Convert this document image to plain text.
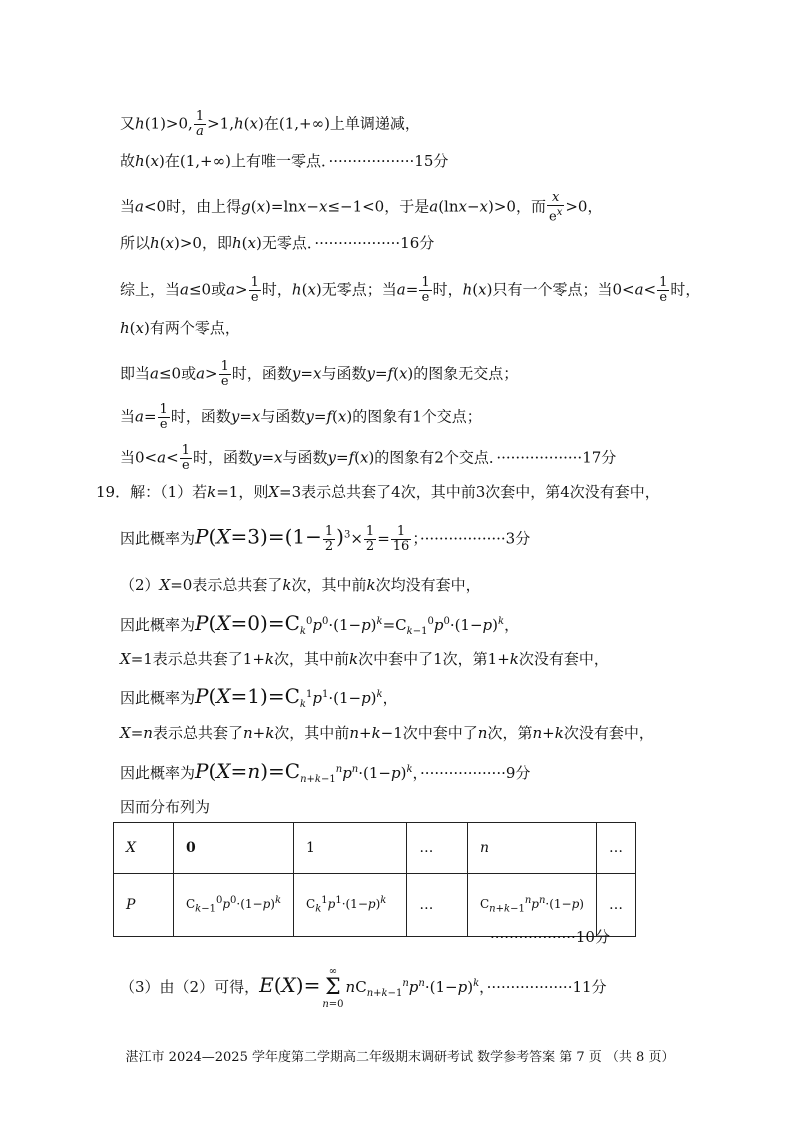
又h(1)>0, $\frac{1}{a} >1,h(x)$在(1,+∞)上单调递减，
故h(x)在(1,+∞)上有唯一零点．··················15分
当a<0时，由上得g(x)=lnx−x≤−1<0，于是a(lnx−x)>0，而 $\frac{x}{e^x} >0$，
所以h(x)>0，即h(x)无零点．··················16分
综上，当a≤0或$a> \frac{1}{e}$ 时，h(x)无零点；当$a= \frac{1}{e}$ 时，h(x)只有一个零点；当$0<a< \frac{1}{e}$ 时，
h(x)有两个零点，
即当a≤0或$a> \frac{1}{e}$ 时，函数y=x与函数y=f(x)的图象无交点；
当$a= \frac{1}{e}$ 时，函数y=x与函数y=f(x)的图象有1个交点；
当$0<a< \frac{1}{e}$ 时，函数y=x与函数y=f(x)的图象有2个交点．··················17分
19．解：（1）若k=1，则X=3表示总共套了4次，其中前3次套中，第4次没有套中，
因此概率为$P(X=3)=(1- \frac{1}{2} )^3\times \frac{1}{2} = \frac{1}{16}$ ；··················3分
（2）X=0表示总共套了k次，其中前k次均没有套中，
因此概率为$P(X=0)=C_k^0p^0\cdot(1-p)^k=C_{k-1}^0p^0\cdot(1-p)^k$，
X=1表示总共套了1+k次，其中前k次中套中了1次，第1+k次没有套中，
因此概率为$P(X=1)=C_k^1p^1\cdot(1-p)^k$，
X=n表示总共套了n+k次，其中前n+k−1次中套中了n次，第n+k次没有套中，
因此概率为$P(X=n)=C_{n+k-1}^np^n\cdot(1-p)^k$，··················9分
因而分布列为
X	0	1	…	n	…
P	$C_{k-1}^0p^0\cdot(1-p)^k$	$C_k^1p^1\cdot(1-p)^k$	…	$C_{n+k-1}^np^n\cdot(1-p)$	…
··················10分
（3）由（2）可得，E(X)=
∞
Σ
n=0
$nC_{n+k-1}^np^n\cdot(1-p)^k$，··················11分
湛江市 2024—2025 学年度第二学期高二年级期末调研考试 数学参考答案 第 7 页 （共 8 页）
